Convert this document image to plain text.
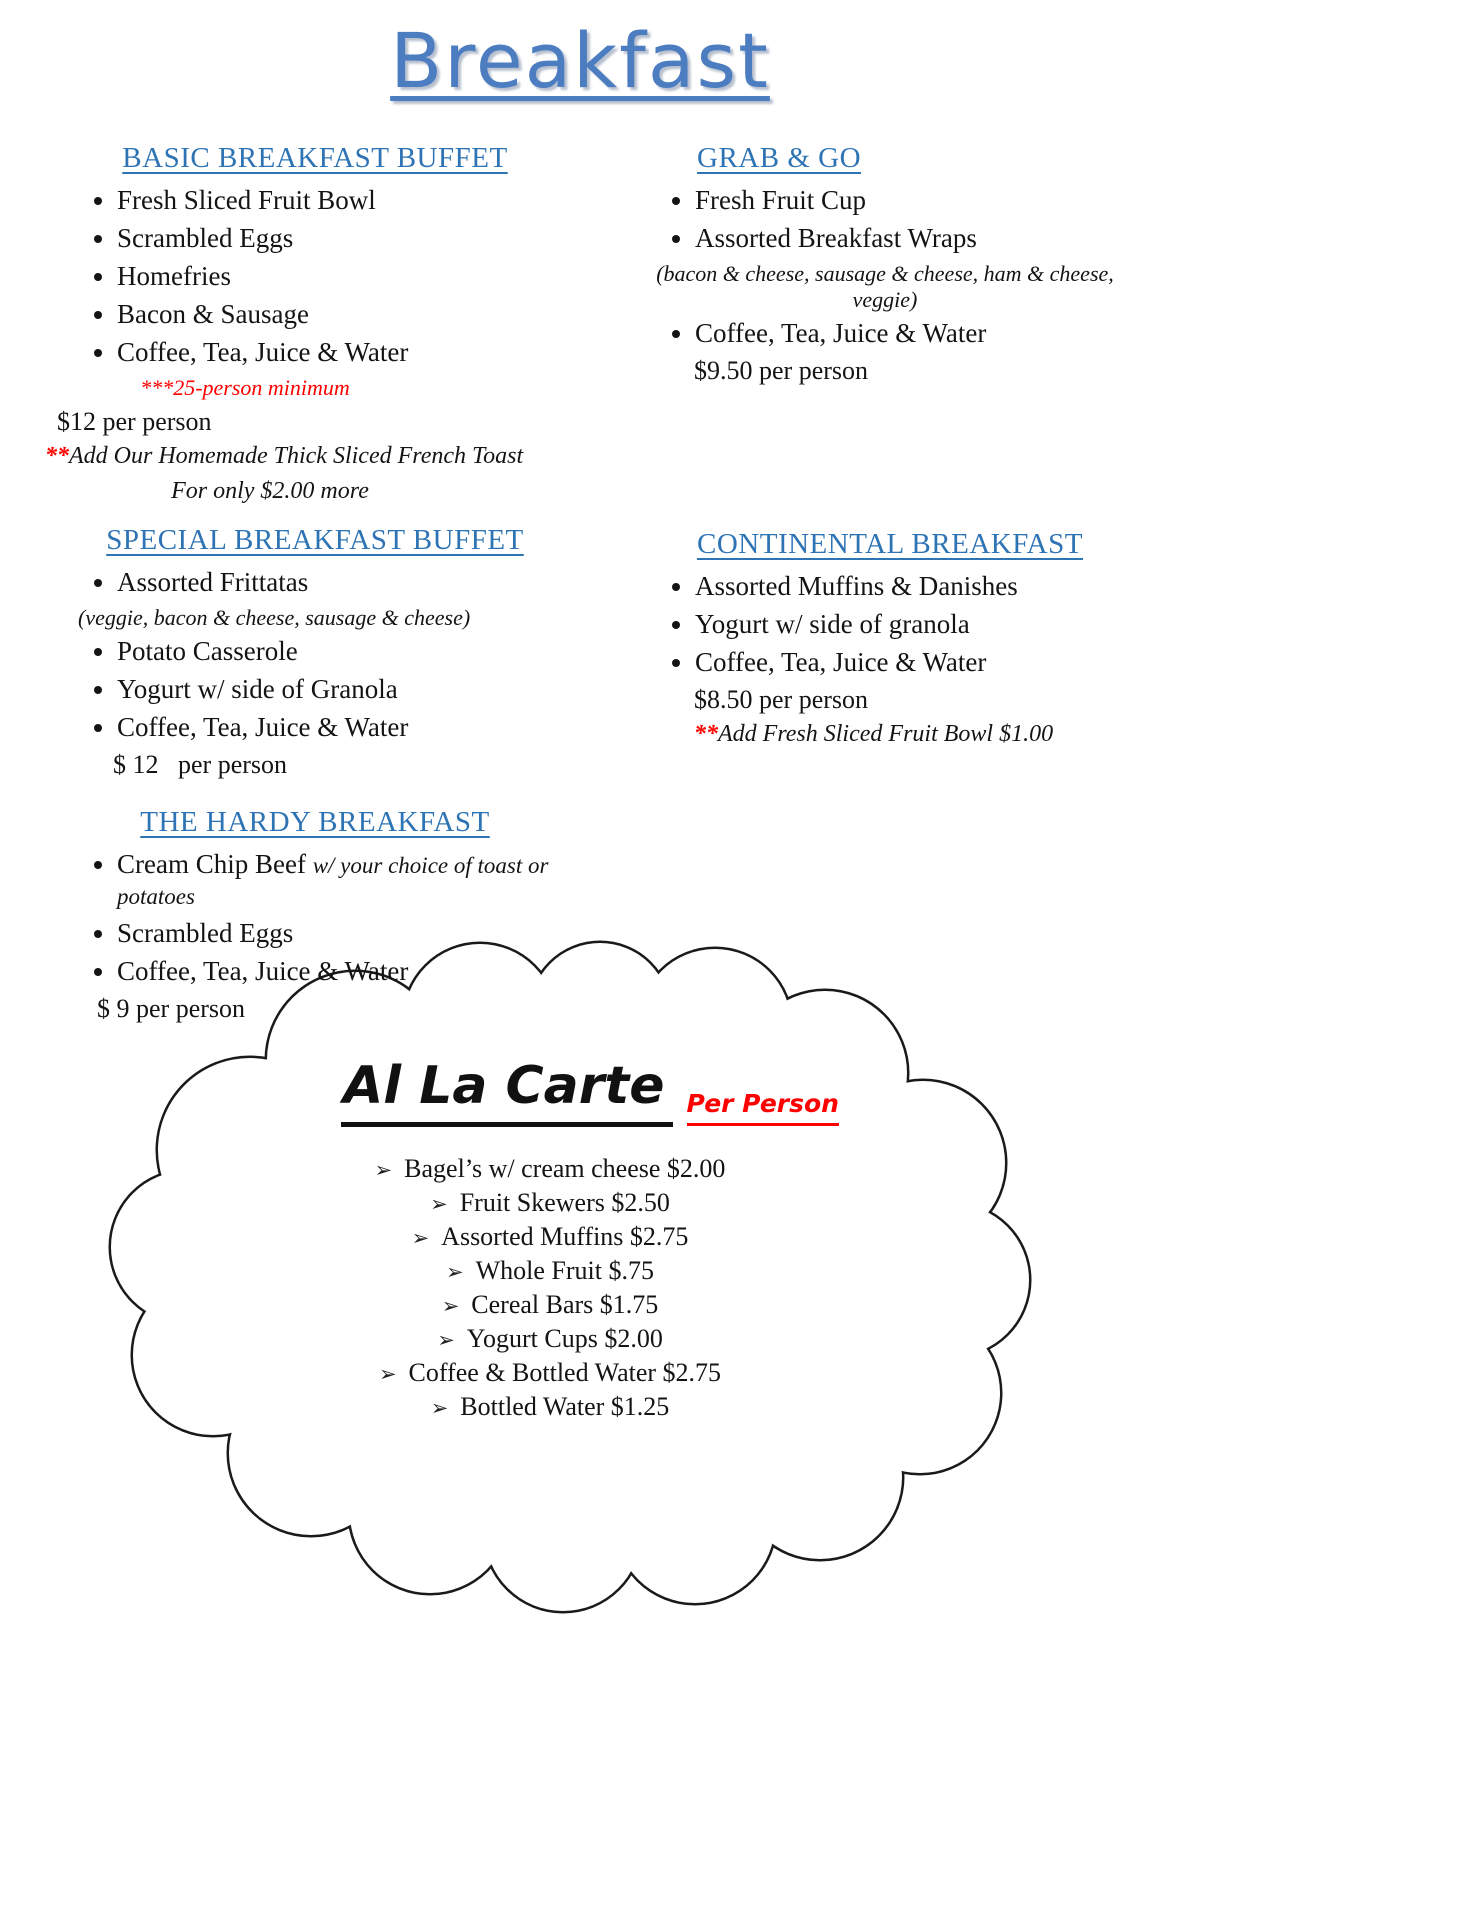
Breakfast
BASIC BREAKFAST BUFFET
• Fresh Sliced Fruit Bowl
• Scrambled Eggs
• Homefries
• Bacon & Sausage
• Coffee, Tea, Juice & Water
***25-person minimum
$12 per person
**Add Our Homemade Thick Sliced French Toast
For only $2.00 more
GRAB & GO
• Fresh Fruit Cup
• Assorted Breakfast Wraps
(bacon & cheese, sausage & cheese, ham & cheese, veggie)
• Coffee, Tea, Juice & Water
$9.50 per person
SPECIAL BREAKFAST BUFFET
• Assorted Frittatas
(veggie, bacon & cheese, sausage & cheese)
• Potato Casserole
• Yogurt w/ side of Granola
• Coffee, Tea, Juice & Water
$ 12   per person
CONTINENTAL BREAKFAST
• Assorted Muffins & Danishes
• Yogurt w/ side of granola
• Coffee, Tea, Juice & Water
$8.50 per person
**Add Fresh Sliced Fruit Bowl $1.00
THE HARDY BREAKFAST
• Cream Chip Beef w/ your choice of toast or potatoes
• Scrambled Eggs
• Coffee, Tea, Juice & Water
$ 9 per person
Al La Carte Per Person
➢ Bagel’s w/ cream cheese $2.00
➢ Fruit Skewers $2.50
➢ Assorted Muffins $2.75
➢ Whole Fruit $.75
➢ Cereal Bars $1.75
➢ Yogurt Cups $2.00
➢ Coffee & Bottled Water $2.75
➢ Bottled Water $1.25
